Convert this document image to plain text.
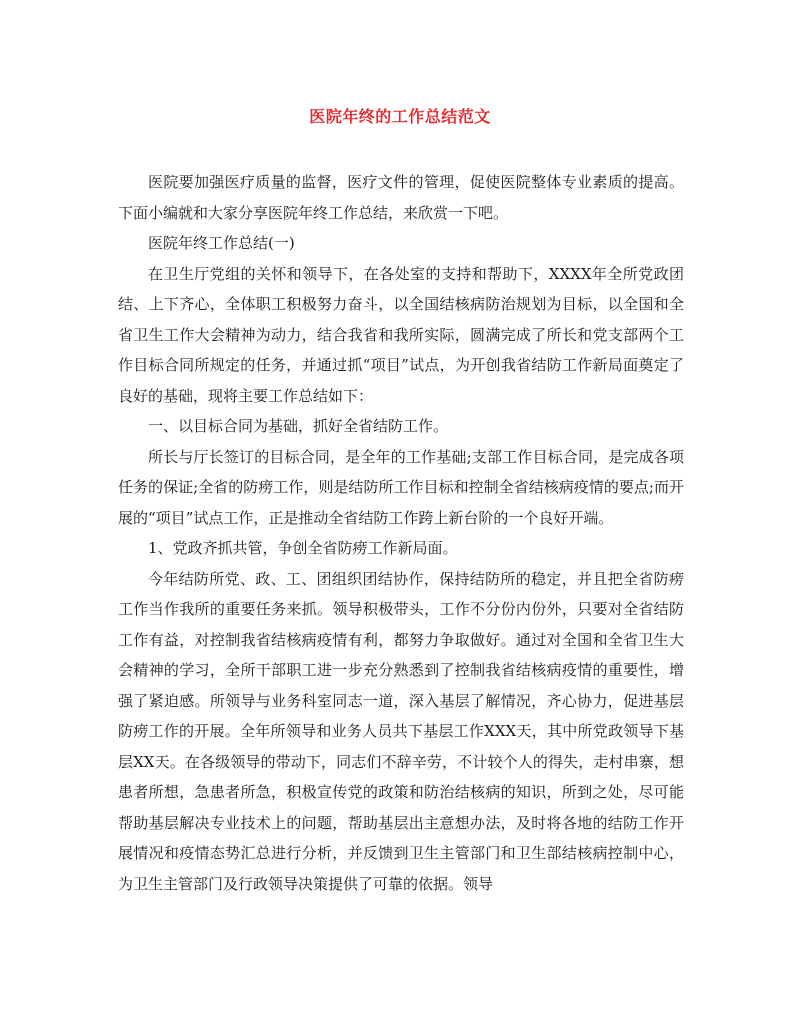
医院年终的工作总结范文

医院要加强医疗质量的监督，医疗文件的管理，促使医院整体专业素质的提高。下面小编就和大家分享医院年终工作总结，来欣赏一下吧。

医院年终工作总结(一)

在卫生厅党组的关怀和领导下，在各处室的支持和帮助下，XXXX年全所党政团结、上下齐心，全体职工积极努力奋斗，以全国结核病防治规划为目标，以全国和全省卫生工作大会精神为动力，结合我省和我所实际，圆满完成了所长和党支部两个工作目标合同所规定的任务，并通过抓“项目”试点，为开创我省结防工作新局面奠定了良好的基础，现将主要工作总结如下：

一、以目标合同为基础，抓好全省结防工作。

所长与厅长签订的目标合同，是全年的工作基础;支部工作目标合同，是完成各项任务的保证;全省的防痨工作，则是结防所工作目标和控制全省结核病疫情的要点;而开展的“项目”试点工作，正是推动全省结防工作跨上新台阶的一个良好开端。

1、党政齐抓共管，争创全省防痨工作新局面。

今年结防所党、政、工、团组织团结协作，保持结防所的稳定，并且把全省防痨工作当作我所的重要任务来抓。领导积极带头，工作不分份内份外，只要对全省结防工作有益，对控制我省结核病疫情有利，都努力争取做好。通过对全国和全省卫生大会精神的学习，全所干部职工进一步充分熟悉到了控制我省结核病疫情的重要性，增强了紧迫感。所领导与业务科室同志一道，深入基层了解情况，齐心协力，促进基层防痨工作的开展。全年所领导和业务人员共下基层工作XXX天，其中所党政领导下基层XX天。在各级领导的带动下，同志们不辞辛劳，不计较个人的得失，走村串寨，想患者所想，急患者所急，积极宣传党的政策和防治结核病的知识，所到之处，尽可能帮助基层解决专业技术上的问题，帮助基层出主意想办法，及时将各地的结防工作开展情况和疫情态势汇总进行分析，并反馈到卫生主管部门和卫生部结核病控制中心，为卫生主管部门及行政领导决策提供了可靠的依据。领导
